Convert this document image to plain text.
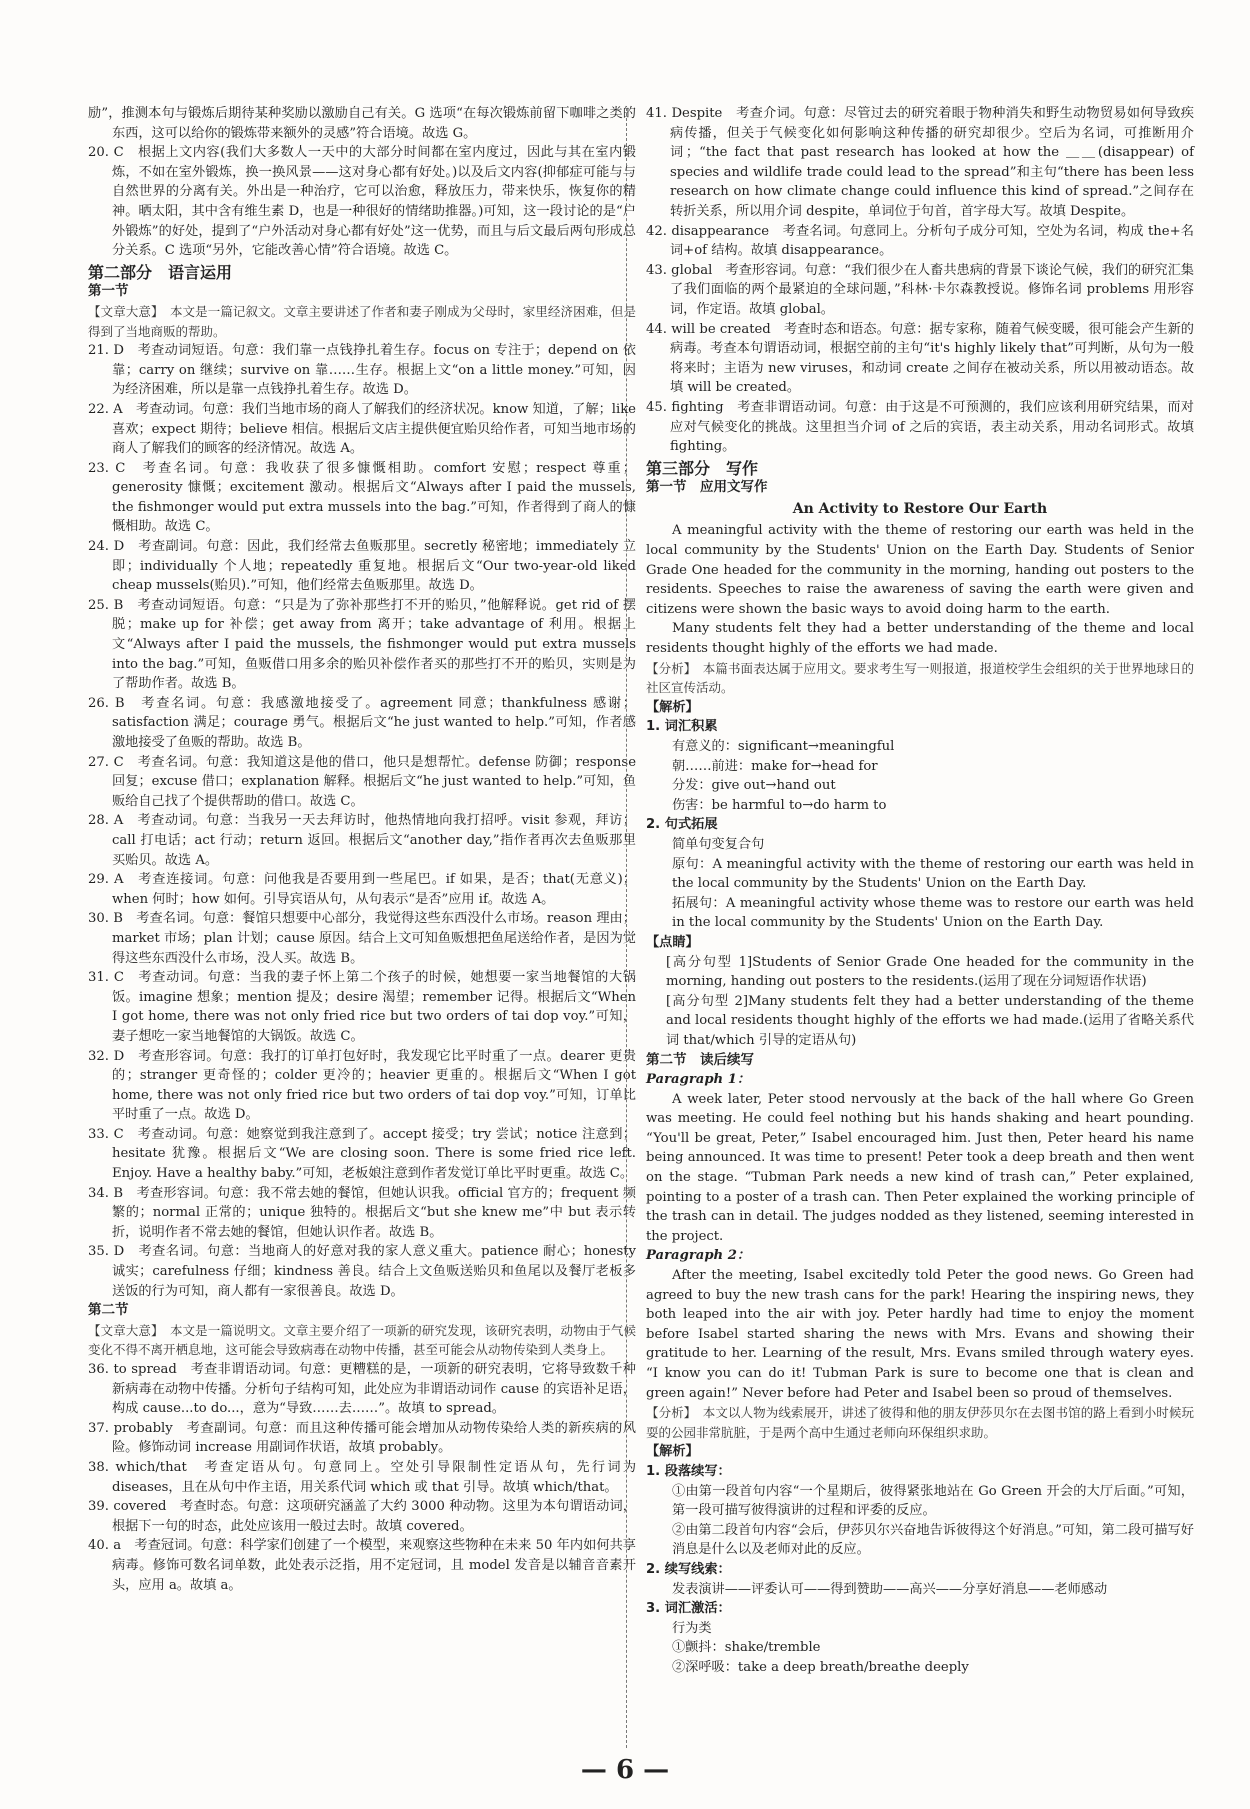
励”，推测本句与锻炼后期待某种奖励以激励自己有关。G 选项“在每次锻炼前留下咖啡之类的东西，这可以给你的锻炼带来额外的灵感”符合语境。故选 G。

20. C　根据上文内容(我们大多数人一天中的大部分时间都在室内度过，因此与其在室内锻炼，不如在室外锻炼，换一换风景——这对身心都有好处。)以及后文内容(抑郁症可能与与自然世界的分离有关。外出是一种治疗，它可以治愈，释放压力，带来快乐，恢复你的精神。晒太阳，其中含有维生素 D，也是一种很好的情绪助推器。)可知，这一段讨论的是“户外锻炼”的好处，提到了“户外活动对身心都有好处”这一优势，而且与后文最后两句形成总分关系。C 选项“另外，它能改善心情”符合语境。故选 C。

第二部分　语言运用

第一节

【文章大意】　本文是一篇记叙文。文章主要讲述了作者和妻子刚成为父母时，家里经济困难，但是得到了当地商贩的帮助。

21. D　考查动词短语。句意：我们靠一点钱挣扎着生存。focus on 专注于；depend on 依靠；carry on 继续；survive on 靠……生存。根据上文“on a little money.”可知，因为经济困难，所以是靠一点钱挣扎着生存。故选 D。

22. A　考查动词。句意：我们当地市场的商人了解我们的经济状况。know 知道，了解；like 喜欢；expect 期待；believe 相信。根据后文店主提供便宜贻贝给作者，可知当地市场的商人了解我们的顾客的经济情况。故选 A。

23. C　考查名词。句意：我收获了很多慷慨相助。comfort 安慰；respect 尊重；generosity 慷慨；excitement 激动。根据后文“Always after I paid the mussels, the fishmonger would put extra mussels into the bag.”可知，作者得到了商人的慷慨相助。故选 C。

24. D　考查副词。句意：因此，我们经常去鱼贩那里。secretly 秘密地；immediately 立即；individually 个人地；repeatedly 重复地。根据后文“Our two-year-old liked cheap mussels(贻贝).”可知，他们经常去鱼贩那里。故选 D。

25. B　考查动词短语。句意：“只是为了弥补那些打不开的贻贝，”他解释说。get rid of 摆脱；make up for 补偿；get away from 离开；take advantage of 利用。根据上文“Always after I paid the mussels, the fishmonger would put extra mussels into the bag.”可知，鱼贩借口用多余的贻贝补偿作者买的那些打不开的贻贝，实则是为了帮助作者。故选 B。

26. B　考查名词。句意：我感激地接受了。agreement 同意；thankfulness 感谢；satisfaction 满足；courage 勇气。根据后文“he just wanted to help.”可知，作者感激地接受了鱼贩的帮助。故选 B。

27. C　考查名词。句意：我知道这是他的借口，他只是想帮忙。defense 防御；response 回复；excuse 借口；explanation 解释。根据后文“he just wanted to help.”可知，鱼贩给自己找了个提供帮助的借口。故选 C。

28. A　考查动词。句意：当我另一天去拜访时，他热情地向我打招呼。visit 参观，拜访；call 打电话；act 行动；return 返回。根据后文“another day,”指作者再次去鱼贩那里买贻贝。故选 A。

29. A　考查连接词。句意：问他我是否要用到一些尾巴。if 如果，是否；that(无意义)；when 何时；how 如何。引导宾语从句，从句表示“是否”应用 if。故选 A。

30. B　考查名词。句意：餐馆只想要中心部分，我觉得这些东西没什么市场。reason 理由；market 市场；plan 计划；cause 原因。结合上文可知鱼贩想把鱼尾送给作者，是因为觉得这些东西没什么市场，没人买。故选 B。

31. C　考查动词。句意：当我的妻子怀上第二个孩子的时候，她想要一家当地餐馆的大锅饭。imagine 想象；mention 提及；desire 渴望；remember 记得。根据后文“When I got home, there was not only fried rice but two orders of tai dop voy.”可知，妻子想吃一家当地餐馆的大锅饭。故选 C。

32. D　考查形容词。句意：我打的订单打包好时，我发现它比平时重了一点。dearer 更贵的；stranger 更奇怪的；colder 更冷的；heavier 更重的。根据后文“When I got home, there was not only fried rice but two orders of tai dop voy.”可知，订单比平时重了一点。故选 D。

33. C　考查动词。句意：她察觉到我注意到了。accept 接受；try 尝试；notice 注意到；hesitate 犹豫。根据后文“We are closing soon. There is some fried rice left. Enjoy. Have a healthy baby.”可知，老板娘注意到作者发觉订单比平时更重。故选 C。

34. B　考查形容词。句意：我不常去她的餐馆，但她认识我。official 官方的；frequent 频繁的；normal 正常的；unique 独特的。根据后文“but she knew me”中 but 表示转折，说明作者不常去她的餐馆，但她认识作者。故选 B。

35. D　考查名词。句意：当地商人的好意对我的家人意义重大。patience 耐心；honesty 诚实；carefulness 仔细；kindness 善良。结合上文鱼贩送贻贝和鱼尾以及餐厅老板多送饭的行为可知，商人都有一家很善良。故选 D。

第二节

【文章大意】　本文是一篇说明文。文章主要介绍了一项新的研究发现，该研究表明，动物由于气候变化不得不离开栖息地，这可能会导致病毒在动物中传播，甚至可能会从动物传染到人类身上。

36. to spread　考查非谓语动词。句意：更糟糕的是，一项新的研究表明，它将导致数千种新病毒在动物中传播。分析句子结构可知，此处应为非谓语动词作 cause 的宾语补足语，构成 cause...to do...，意为“导致……去……”。故填 to spread。

37. probably　考查副词。句意：而且这种传播可能会增加从动物传染给人类的新疾病的风险。修饰动词 increase 用副词作状语，故填 probably。

38. which/that　考查定语从句。句意同上。空处引导限制性定语从句，先行词为 diseases，且在从句中作主语，用关系代词 which 或 that 引导。故填 which/that。

39. covered　考查时态。句意：这项研究涵盖了大约 3000 种动物。这里为本句谓语动词，根据下一句的时态，此处应该用一般过去时。故填 covered。

40. a　考查冠词。句意：科学家们创建了一个模型，来观察这些物种在未来 50 年内如何共享病毒。修饰可数名词单数，此处表示泛指，用不定冠词，且 model 发音是以辅音音素开头，应用 a。故填 a。

41. Despite　考查介词。句意：尽管过去的研究着眼于物种消失和野生动物贸易如何导致疾病传播，但关于气候变化如何影响这种传播的研究却很少。空后为名词，可推断用介词；“the fact that past research has looked at how the ＿＿(disappear) of species and wildlife trade could lead to the spread”和主句“there has been less research on how climate change could influence this kind of spread.”之间存在转折关系，所以用介词 despite，单词位于句首，首字母大写。故填 Despite。

42. disappearance　考查名词。句意同上。分析句子成分可知，空处为名词，构成 the+名词+of 结构。故填 disappearance。

43. global　考查形容词。句意：“我们很少在人畜共患病的背景下谈论气候，我们的研究汇集了我们面临的两个最紧迫的全球问题，”科林·卡尔森教授说。修饰名词 problems 用形容词，作定语。故填 global。

44. will be created　考查时态和语态。句意：据专家称，随着气候变暖，很可能会产生新的病毒。考查本句谓语动词，根据空前的主句“it's highly likely that”可判断，从句为一般将来时；主语为 new viruses，和动词 create 之间存在被动关系，所以用被动语态。故填 will be created。

45. fighting　考查非谓语动词。句意：由于这是不可预测的，我们应该利用研究结果，而对应对气候变化的挑战。这里担当介词 of 之后的宾语，表主动关系，用动名词形式。故填 fighting。

第三部分　写作

第一节　应用文写作

An Activity to Restore Our Earth

A meaningful activity with the theme of restoring our earth was held in the local community by the Students' Union on the Earth Day. Students of Senior Grade One headed for the community in the morning, handing out posters to the residents. Speeches to raise the awareness of saving the earth were given and citizens were shown the basic ways to avoid doing harm to the earth.

Many students felt they had a better understanding of the theme and local residents thought highly of the efforts we had made.

【分析】　本篇书面表达属于应用文。要求考生写一则报道，报道校学生会组织的关于世界地球日的社区宣传活动。

【解析】

1. 词汇积累

有意义的：significant→meaningful

朝……前进：make for→head for

分发：give out→hand out

伤害：be harmful to→do harm to

2. 句式拓展

简单句变复合句

原句：A meaningful activity with the theme of restoring our earth was held in the local community by the Students' Union on the Earth Day.

拓展句：A meaningful activity whose theme was to restore our earth was held in the local community by the Students' Union on the Earth Day.

【点睛】

[高分句型 1]Students of Senior Grade One headed for the community in the morning, handing out posters to the residents.(运用了现在分词短语作状语)

[高分句型 2]Many students felt they had a better understanding of the theme and local residents thought highly of the efforts we had made.(运用了省略关系代词 that/which 引导的定语从句)

第二节　读后续写

Paragraph 1：

A week later, Peter stood nervously at the back of the hall where Go Green was meeting. He could feel nothing but his hands shaking and heart pounding. “You'll be great, Peter,” Isabel encouraged him. Just then, Peter heard his name being announced. It was time to present! Peter took a deep breath and then went on the stage. “Tubman Park needs a new kind of trash can,” Peter explained, pointing to a poster of a trash can. Then Peter explained the working principle of the trash can in detail. The judges nodded as they listened, seeming interested in the project.

Paragraph 2：

After the meeting, Isabel excitedly told Peter the good news. Go Green had agreed to buy the new trash cans for the park! Hearing the inspiring news, they both leaped into the air with joy. Peter hardly had time to enjoy the moment before Isabel started sharing the news with Mrs. Evans and showing their gratitude to her. Learning of the result, Mrs. Evans smiled through watery eyes. “I know you can do it! Tubman Park is sure to become one that is clean and green again!” Never before had Peter and Isabel been so proud of themselves.

【分析】　本文以人物为线索展开，讲述了彼得和他的朋友伊莎贝尔在去图书馆的路上看到小时候玩耍的公园非常肮脏，于是两个高中生通过老师向环保组织求助。

【解析】

1. 段落续写：

①由第一段首句内容“一个星期后，彼得紧张地站在 Go Green 开会的大厅后面。”可知，第一段可描写彼得演讲的过程和评委的反应。

②由第二段首句内容“会后，伊莎贝尔兴奋地告诉彼得这个好消息。”可知，第二段可描写好消息是什么以及老师对此的反应。

2. 续写线索：

发表演讲——评委认可——得到赞助——高兴——分享好消息——老师感动

3. 词汇激活：

行为类

①颤抖：shake/tremble

②深呼吸：take a deep breath/breathe deeply

— 6 —
